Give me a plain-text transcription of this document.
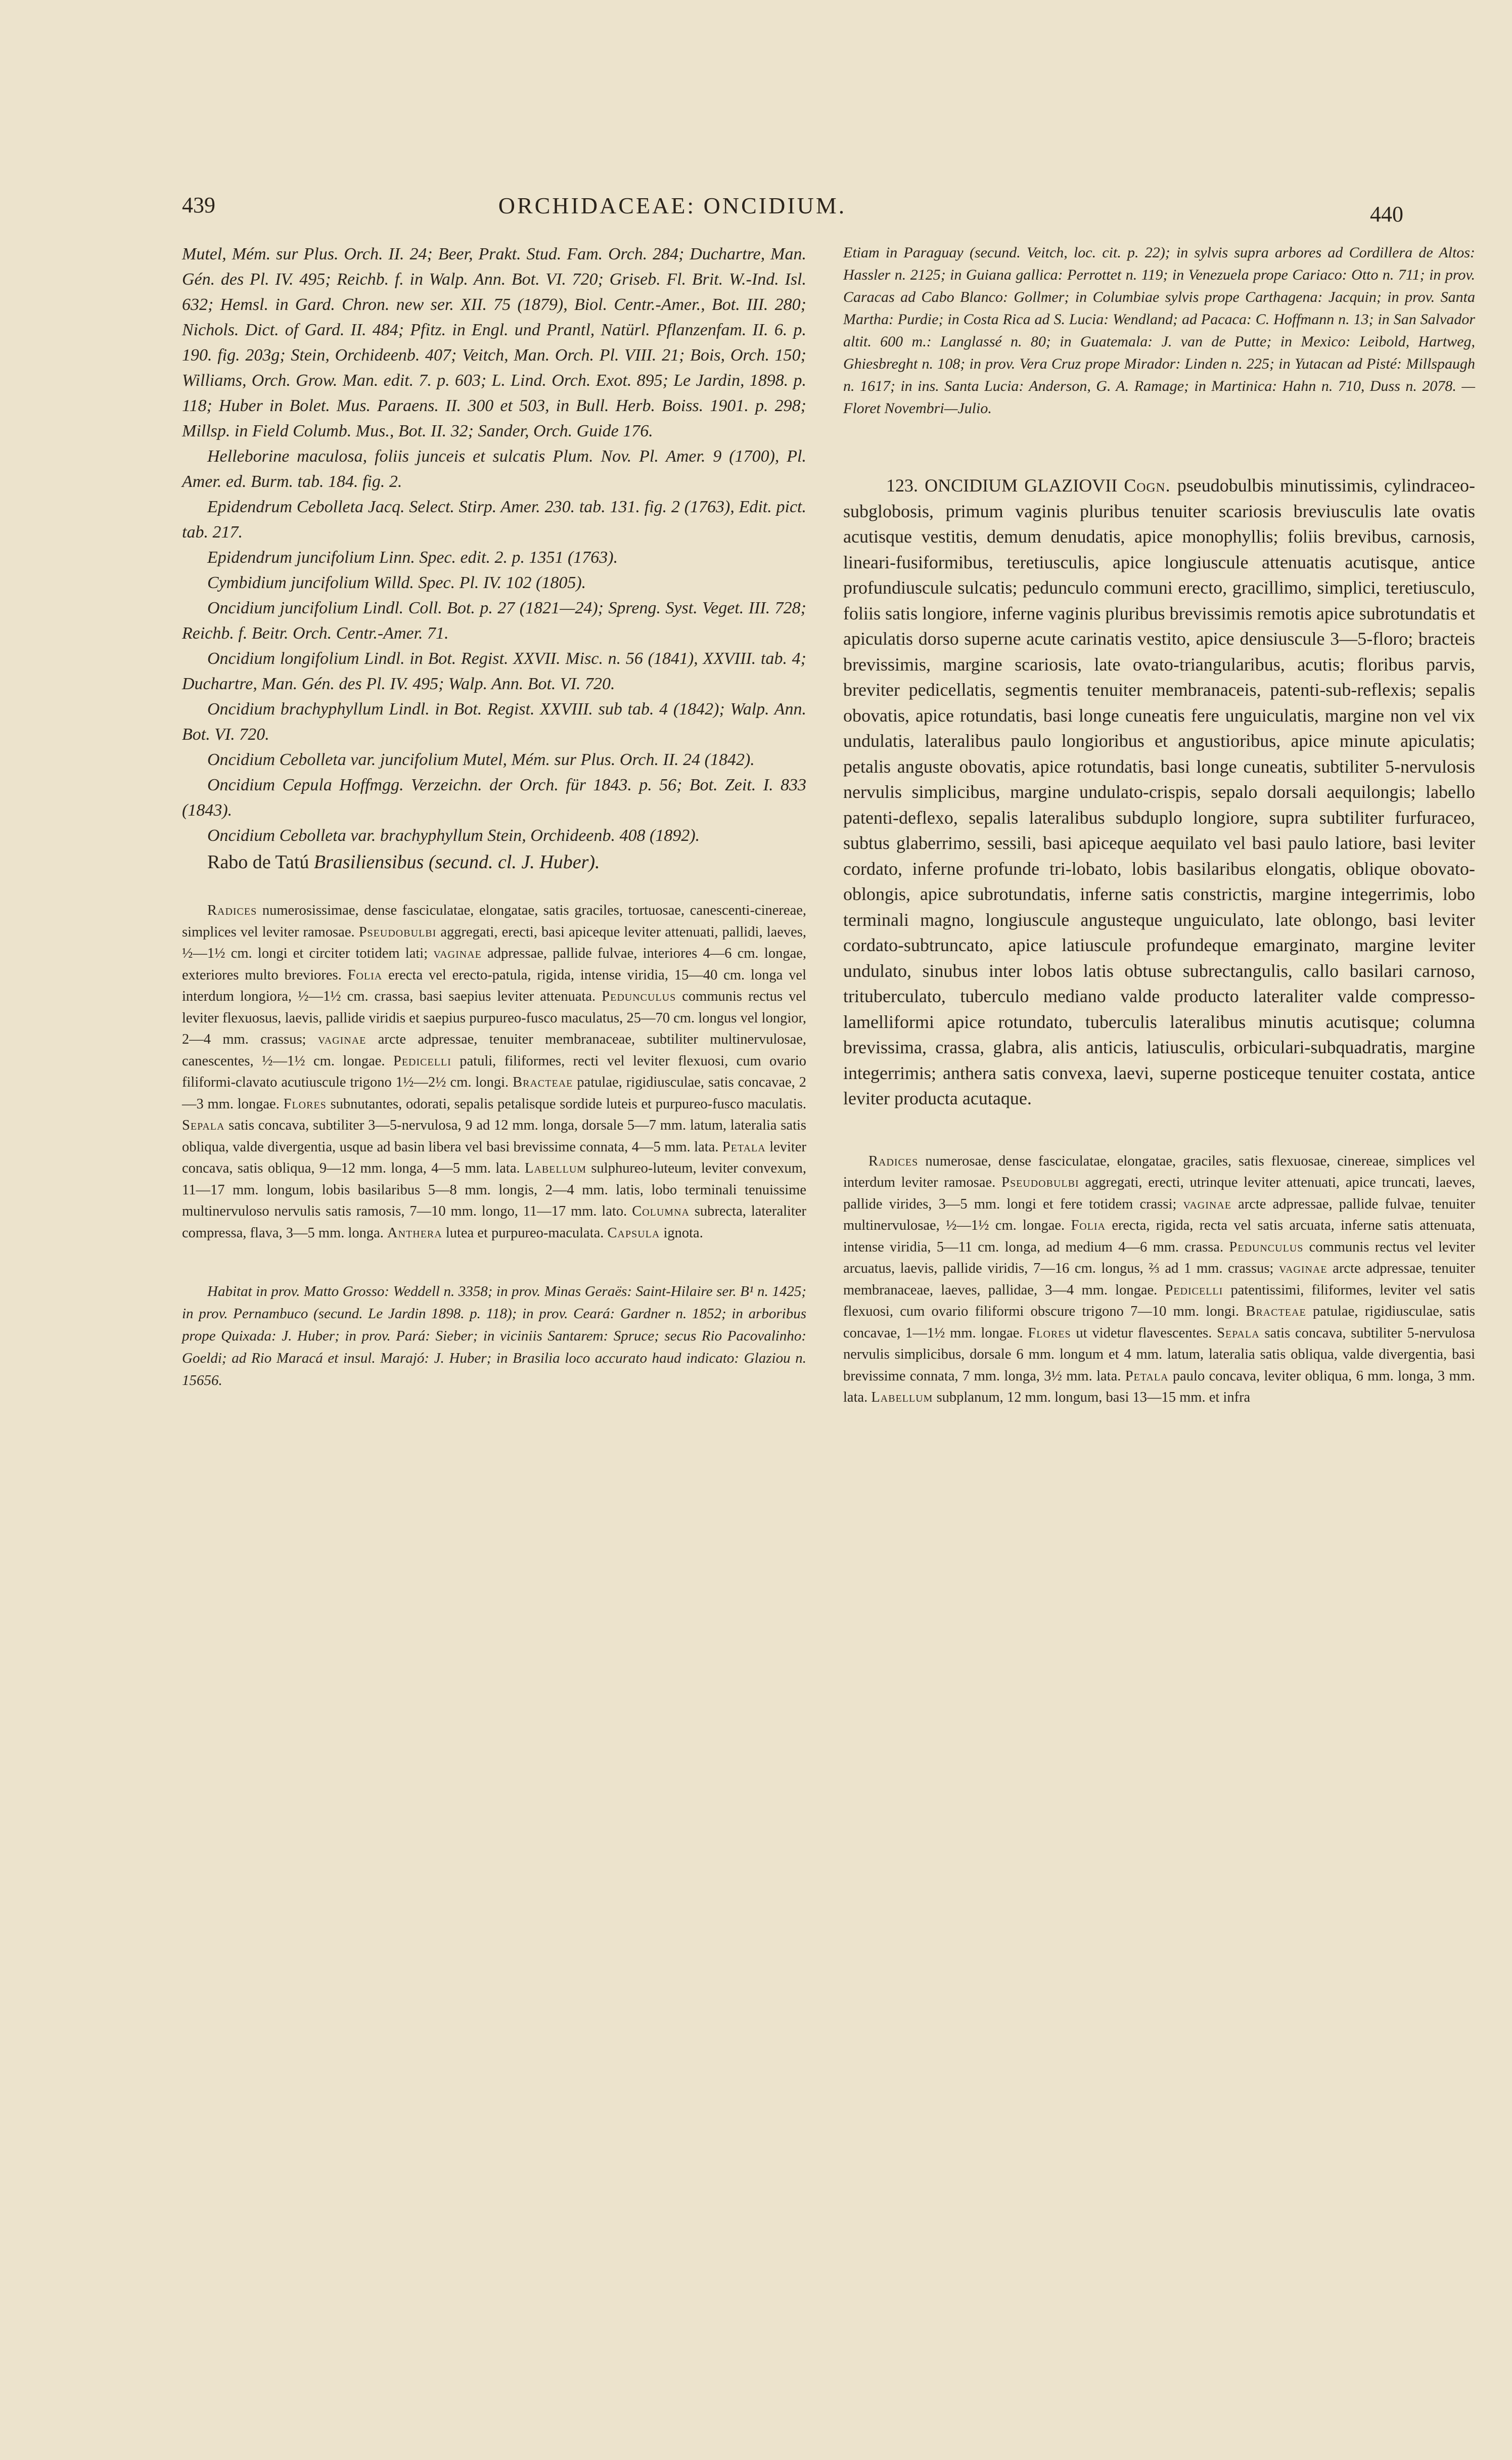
439	ORCHIDACEAE: ONCIDIUM.	440

Mutel, Mém. sur Plus. Orch. II. 24; Beer, Prakt. Stud. Fam. Orch. 284; Duchartre, Man. Gén. des Pl. IV. 495; Reichb. f. in Walp. Ann. Bot. VI. 720; Griseb. Fl. Brit. W.-Ind. Isl. 632; Hemsl. in Gard. Chron. new ser. XII. 75 (1879), Biol. Centr.-Amer., Bot. III. 280; Nichols. Dict. of Gard. II. 484; Pfitz. in Engl. und Prantl, Natürl. Pflanzenfam. II. 6. p. 190. fig. 203g; Stein, Orchideenb. 407; Veitch, Man. Orch. Pl. VIII. 21; Bois, Orch. 150; Williams, Orch. Grow. Man. edit. 7. p. 603; L. Lind. Orch. Exot. 895; Le Jardin, 1898. p. 118; Huber in Bolet. Mus. Paraens. II. 300 et 503, in Bull. Herb. Boiss. 1901. p. 298; Millsp. in Field Columb. Mus., Bot. II. 32; Sander, Orch. Guide 176.

Helleborine maculosa, foliis junceis et sulcatis Plum. Nov. Pl. Amer. 9 (1700), Pl. Amer. ed. Burm. tab. 184. fig. 2.

Epidendrum Cebolleta Jacq. Select. Stirp. Amer. 230. tab. 131. fig. 2 (1763), Edit. pict. tab. 217.

Epidendrum juncifolium Linn. Spec. edit. 2. p. 1351 (1763).

Cymbidium juncifolium Willd. Spec. Pl. IV. 102 (1805).

Oncidium juncifolium Lindl. Coll. Bot. p. 27 (1821—24); Spreng. Syst. Veget. III. 728; Reichb. f. Beitr. Orch. Centr.-Amer. 71.

Oncidium longifolium Lindl. in Bot. Regist. XXVII. Misc. n. 56 (1841), XXVIII. tab. 4; Duchartre, Man. Gén. des Pl. IV. 495; Walp. Ann. Bot. VI. 720.

Oncidium brachyphyllum Lindl. in Bot. Regist. XXVIII. sub tab. 4 (1842); Walp. Ann. Bot. VI. 720.

Oncidium Cebolleta var. juncifolium Mutel, Mém. sur Plus. Orch. II. 24 (1842).

Oncidium Cepula Hoffmgg. Verzeichn. der Orch. für 1843. p. 56; Bot. Zeit. I. 833 (1843).

Oncidium Cebolleta var. brachyphyllum Stein, Orchideenb. 408 (1892).

Rabo de Tatú Brasiliensibus (secund. cl. J. Huber).

Radices numerosissimae, dense fasciculatae, elongatae, satis graciles, tortuosae, canescenti-cinereae, simplices vel leviter ramosae. Pseudobulbi aggregati, erecti, basi apiceque leviter attenuati, pallidi, laeves, ½—1½ cm. longi et circiter totidem lati; vaginae adpressae, pallide fulvae, interiores 4—6 cm. longae, exteriores multo breviores. Folia erecta vel erecto-patula, rigida, intense viridia, 15—40 cm. longa vel interdum longiora, ½—1½ cm. crassa, basi saepius leviter attenuata. Pedunculus communis rectus vel leviter flexuosus, laevis, pallide viridis et saepius purpureo-fusco maculatus, 25—70 cm. longus vel longior, 2—4 mm. crassus; vaginae arcte adpressae, tenuiter membranaceae, subtiliter multinervulosae, canescentes, ½—1½ cm. longae. Pedicelli patuli, filiformes, recti vel leviter flexuosi, cum ovario filiformi-clavato acutiuscule trigono 1½—2½ cm. longi. Bracteae patulae, rigidiusculae, satis concavae, 2—3 mm. longae. Flores subnutantes, odorati, sepalis petalisque sordide luteis et purpureo-fusco maculatis. Sepala satis concava, subtiliter 3—5-nervulosa, 9 ad 12 mm. longa, dorsale 5—7 mm. latum, lateralia satis obliqua, valde divergentia, usque ad basin libera vel basi brevissime connata, 4—5 mm. lata. Petala leviter concava, satis obliqua, 9—12 mm. longa, 4—5 mm. lata. Labellum sulphureo-luteum, leviter convexum, 11—17 mm. longum, lobis basilaribus 5—8 mm. longis, 2—4 mm. latis, lobo terminali tenuissime multinervuloso nervulis satis ramosis, 7—10 mm. longo, 11—17 mm. lato. Columna subrecta, lateraliter compressa, flava, 3—5 mm. longa. Anthera lutea et purpureo-maculata. Capsula ignota.

Habitat in prov. Matto Grosso: Weddell n. 3358; in prov. Minas Geraës: Saint-Hilaire ser. B¹ n. 1425; in prov. Pernambuco (secund. Le Jardin 1898. p. 118); in prov. Ceará: Gardner n. 1852; in arboribus prope Quixada: J. Huber; in prov. Pará: Sieber; in viciniis Santarem: Spruce; secus Rio Pacovalinho: Goeldi; ad Rio Maracá et insul. Marajó: J. Huber; in Brasilia loco accurato haud indicato: Glaziou n. 15656.

Etiam in Paraguay (secund. Veitch, loc. cit. p. 22); in sylvis supra arbores ad Cordillera de Altos: Hassler n. 2125; in Guiana gallica: Perrottet n. 119; in Venezuela prope Cariaco: Otto n. 711; in prov. Caracas ad Cabo Blanco: Gollmer; in Columbiae sylvis prope Carthagena: Jacquin; in prov. Santa Martha: Purdie; in Costa Rica ad S. Lucia: Wendland; ad Pacaca: C. Hoffmann n. 13; in San Salvador altit. 600 m.: Langlassé n. 80; in Guatemala: J. van de Putte; in Mexico: Leibold, Hartweg, Ghiesbreght n. 108; in prov. Vera Cruz prope Mirador: Linden n. 225; in Yutacan ad Pisté: Millspaugh n. 1617; in ins. Santa Lucia: Anderson, G. A. Ramage; in Martinica: Hahn n. 710, Duss n. 2078. — Floret Novembri—Julio.

123. ONCIDIUM GLAZIOVII Cogn. pseudobulbis minutissimis, cylindraceo-subglobosis, primum vaginis pluribus tenuiter scariosis breviusculis late ovatis acutisque vestitis, demum denudatis, apice monophyllis; foliis brevibus, carnosis, lineari-fusiformibus, teretiusculis, apice longiuscule attenuatis acutisque, antice profundiuscule sulcatis; pedunculo communi erecto, gracillimo, simplici, teretiusculo, foliis satis longiore, inferne vaginis pluribus brevissimis remotis apice subrotundatis et apiculatis dorso superne acute carinatis vestito, apice densiuscule 3—5-floro; bracteis brevissimis, margine scariosis, late ovato-triangularibus, acutis; floribus parvis, breviter pedicellatis, segmentis tenuiter membranaceis, patenti-sub-reflexis; sepalis obovatis, apice rotundatis, basi longe cuneatis fere unguiculatis, margine non vel vix undulatis, lateralibus paulo longioribus et angustioribus, apice minute apiculatis; petalis anguste obovatis, apice rotundatis, basi longe cuneatis, subtiliter 5-nervulosis nervulis simplicibus, margine undulato-crispis, sepalo dorsali aequilongis; labello patenti-deflexo, sepalis lateralibus subduplo longiore, supra subtiliter furfuraceo, subtus glaberrimo, sessili, basi apiceque aequilato vel basi paulo latiore, basi leviter cordato, inferne profunde tri-lobato, lobis basilaribus elongatis, oblique obovato-oblongis, apice subrotundatis, inferne satis constrictis, margine integerrimis, lobo terminali magno, longiuscule angusteque unguiculato, late oblongo, basi leviter cordato-subtruncato, apice latiuscule profundeque emarginato, margine leviter undulato, sinubus inter lobos latis obtuse subrectangulis, callo basilari carnoso, trituberculato, tuberculo mediano valde producto lateraliter valde compresso-lamelliformi apice rotundato, tuberculis lateralibus minutis acutisque; columna brevissima, crassa, glabra, alis anticis, latiusculis, orbiculari-subquadratis, margine integerrimis; anthera satis convexa, laevi, superne posticeque tenuiter costata, antice leviter producta acutaque.

Radices numerosae, dense fasciculatae, elongatae, graciles, satis flexuosae, cinereae, simplices vel interdum leviter ramosae. Pseudobulbi aggregati, erecti, utrinque leviter attenuati, apice truncati, laeves, pallide virides, 3—5 mm. longi et fere totidem crassi; vaginae arcte adpressae, pallide fulvae, tenuiter multinervulosae, ½—1½ cm. longae. Folia erecta, rigida, recta vel satis arcuata, inferne satis attenuata, intense viridia, 5—11 cm. longa, ad medium 4—6 mm. crassa. Pedunculus communis rectus vel leviter arcuatus, laevis, pallide viridis, 7—16 cm. longus, ⅔ ad 1 mm. crassus; vaginae arcte adpressae, tenuiter membranaceae, laeves, pallidae, 3—4 mm. longae. Pedicelli patentissimi, filiformes, leviter vel satis flexuosi, cum ovario filiformi obscure trigono 7—10 mm. longi. Bracteae patulae, rigidiusculae, satis concavae, 1—1½ mm. longae. Flores ut videtur flavescentes. Sepala satis concava, subtiliter 5-nervulosa nervulis simplicibus, dorsale 6 mm. longum et 4 mm. latum, lateralia satis obliqua, valde divergentia, basi brevissime connata, 7 mm. longa, 3½ mm. lata. Petala paulo concava, leviter obliqua, 6 mm. longa, 3 mm. lata. Labellum subplanum, 12 mm. longum, basi 13—15 mm. et infra
